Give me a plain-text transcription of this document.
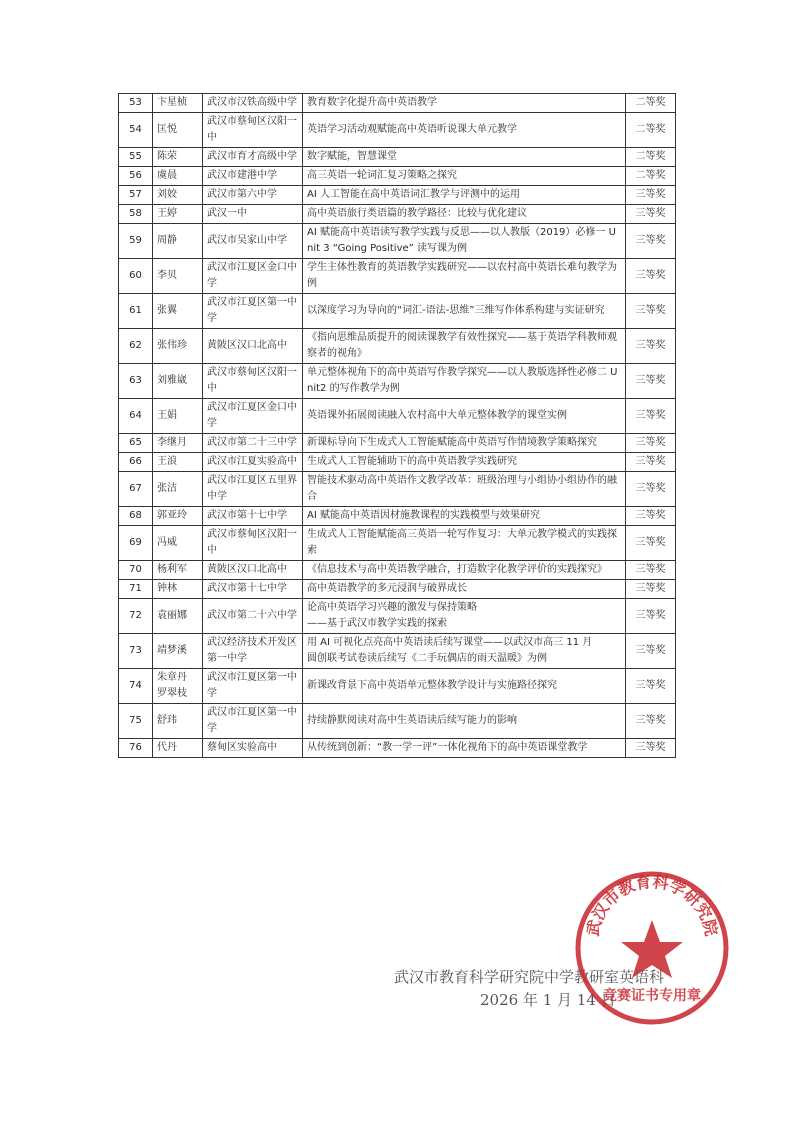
53	卞星桢	武汉市汉铁高级中学	教育数字化提升高中英语教学	二等奖
54	匡悦	武汉市蔡甸区汉阳一中	英语学习活动观赋能高中英语听说课大单元教学	二等奖
55	陈荣	武汉市育才高级中学	数字赋能，智慧课堂	二等奖
56	虞晨	武汉市建港中学	高三英语一轮词汇复习策略之探究	二等奖
57	刘姣	武汉市第六中学	AI 人工智能在高中英语词汇教学与评测中的运用	三等奖
58	王婷	武汉一中	高中英语旅行类语篇的教学路径：比较与优化建议	三等奖
59	周静	武汉市吴家山中学	AI 赋能高中英语读写教学实践与反思——以人教版（2019）必修一 Unit 3 “Going Positive” 读写课为例	三等奖
60	李贝	武汉市江夏区金口中学	学生主体性教育的英语教学实践研究——以农村高中英语长难句教学为例	三等奖
61	张翼	武汉市江夏区第一中学	以深度学习为导向的“词汇-语法-思维”三维写作体系构建与实证研究	三等奖
62	张伟珍	黄陂区汉口北高中	《指向思维品质提升的阅读课教学有效性探究——基于英语学科教师观察者的视角》	三等奖
63	刘雅崴	武汉市蔡甸区汉阳一中	单元整体视角下的高中英语写作教学探究——以人教版选择性必修二 Unit2 的写作教学为例	三等奖
64	王娟	武汉市江夏区金口中学	英语课外拓展阅读融入农村高中大单元整体教学的课堂实例	三等奖
65	李继月	武汉市第二十三中学	新课标导向下生成式人工智能赋能高中英语写作情境教学策略探究	三等奖
66	王浪	武汉市江夏实验高中	生成式人工智能辅助下的高中英语教学实践研究	三等奖
67	张洁	武汉市江夏区五里界中学	智能技术驱动高中英语作文教学改革：班级治理与小组协小组协作的融合	三等奖
68	郭亚玲	武汉市第十七中学	AI 赋能高中英语因材施教课程的实践模型与效果研究	三等奖
69	冯威	武汉市蔡甸区汉阳一中	生成式人工智能赋能高三英语一轮写作复习：大单元教学模式的实践探索	三等奖
70	杨利军	黄陂区汉口北高中	《信息技术与高中英语教学融合，打造数字化教学评价的实践探究》	三等奖
71	钟林	武汉市第十七中学	高中英语教学的多元浸润与破界成长	三等奖
72	袁丽娜	武汉市第二十六中学	论高中英语学习兴趣的激发与保持策略
——基于武汉市教学实践的探索	三等奖
73	靖梦溪	武汉经济技术开发区第一中学	用 AI 可视化点亮高中英语读后续写课堂——以武汉市高三 11 月
圆创联考试卷读后续写《二手玩偶店的雨天温暖》为例	三等奖
74	朱章丹
罗翠枝	武汉市江夏区第一中学	新课改背景下高中英语单元整体教学设计与实施路径探究	三等奖
75	舒玮	武汉市江夏区第一中学	持续静默阅读对高中生英语读后续写能力的影响	三等奖
76	代丹	蔡甸区实验高中	从传统到创新：“教一学一评”一体化视角下的高中英语课堂教学	三等奖
武汉市教育科学研究院中学教研室英语科
2026 年 1 月 14 日
武汉市教育科学研究院
竞赛证书专用章
